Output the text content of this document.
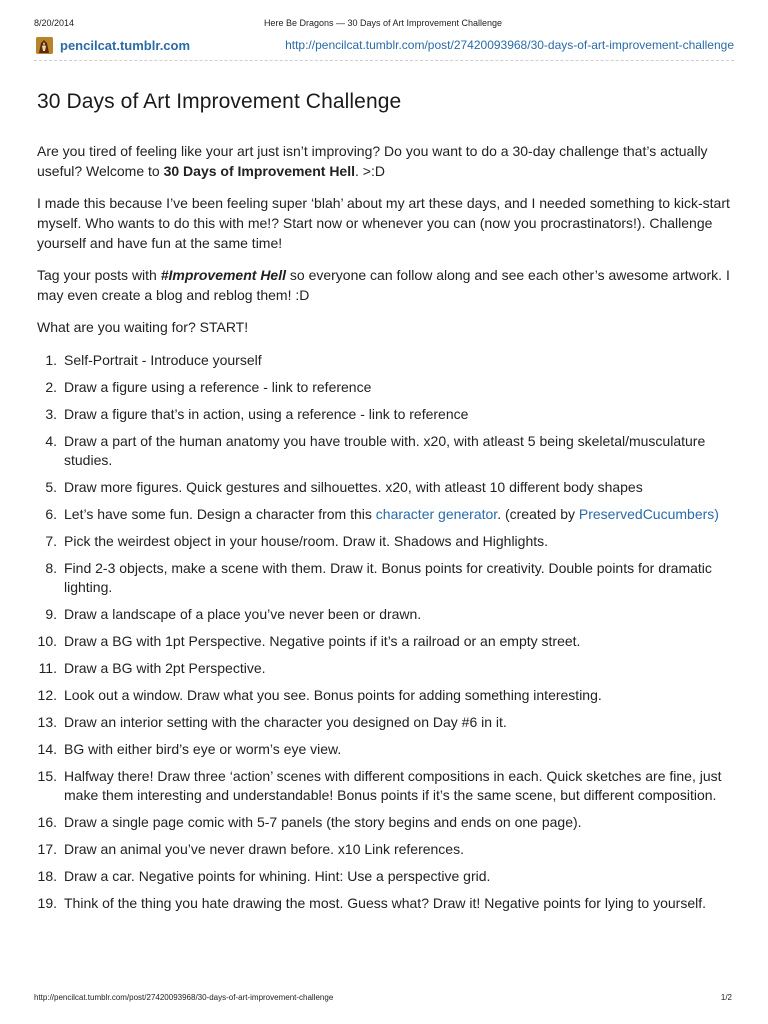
8/20/2014	Here Be Dragons — 30 Days of Art Improvement Challenge
pencilcat.tumblr.com	http://pencilcat.tumblr.com/post/27420093968/30-days-of-art-improvement-challenge
30 Days of Art Improvement Challenge

Are you tired of feeling like your art just isn’t improving? Do you want to do a 30-day challenge that’s actually useful? Welcome to 30 Days of Improvement Hell. >:D

I made this because I’ve been feeling super ‘blah’ about my art these days, and I needed something to kick-start myself. Who wants to do this with me!? Start now or whenever you can (now you procrastinators!). Challenge yourself and have fun at the same time!

Tag your posts with #Improvement Hell so everyone can follow along and see each other’s awesome artwork. I may even create a blog and reblog them! :D

What are you waiting for? START!

1. Self-Portrait - Introduce yourself
2. Draw a figure using a reference - link to reference
3. Draw a figure that’s in action, using a reference - link to reference
4. Draw a part of the human anatomy you have trouble with. x20, with atleast 5 being skeletal/musculature studies.
5. Draw more figures. Quick gestures and silhouettes. x20, with atleast 10 different body shapes
6. Let’s have some fun. Design a character from this character generator. (created by PreservedCucumbers)
7. Pick the weirdest object in your house/room. Draw it. Shadows and Highlights.
8. Find 2-3 objects, make a scene with them. Draw it. Bonus points for creativity. Double points for dramatic lighting.
9. Draw a landscape of a place you’ve never been or drawn.
10. Draw a BG with 1pt Perspective. Negative points if it’s a railroad or an empty street.
11. Draw a BG with 2pt Perspective.
12. Look out a window. Draw what you see. Bonus points for adding something interesting.
13. Draw an interior setting with the character you designed on Day #6 in it.
14. BG with either bird’s eye or worm’s eye view.
15. Halfway there! Draw three ‘action’ scenes with different compositions in each. Quick sketches are fine, just make them interesting and understandable! Bonus points if it’s the same scene, but different composition.
16. Draw a single page comic with 5-7 panels (the story begins and ends on one page).
17. Draw an animal you’ve never drawn before. x10 Link references.
18. Draw a car. Negative points for whining. Hint: Use a perspective grid.
19. Think of the thing you hate drawing the most. Guess what? Draw it! Negative points for lying to yourself.
http://pencilcat.tumblr.com/post/27420093968/30-days-of-art-improvement-challenge	1/2
